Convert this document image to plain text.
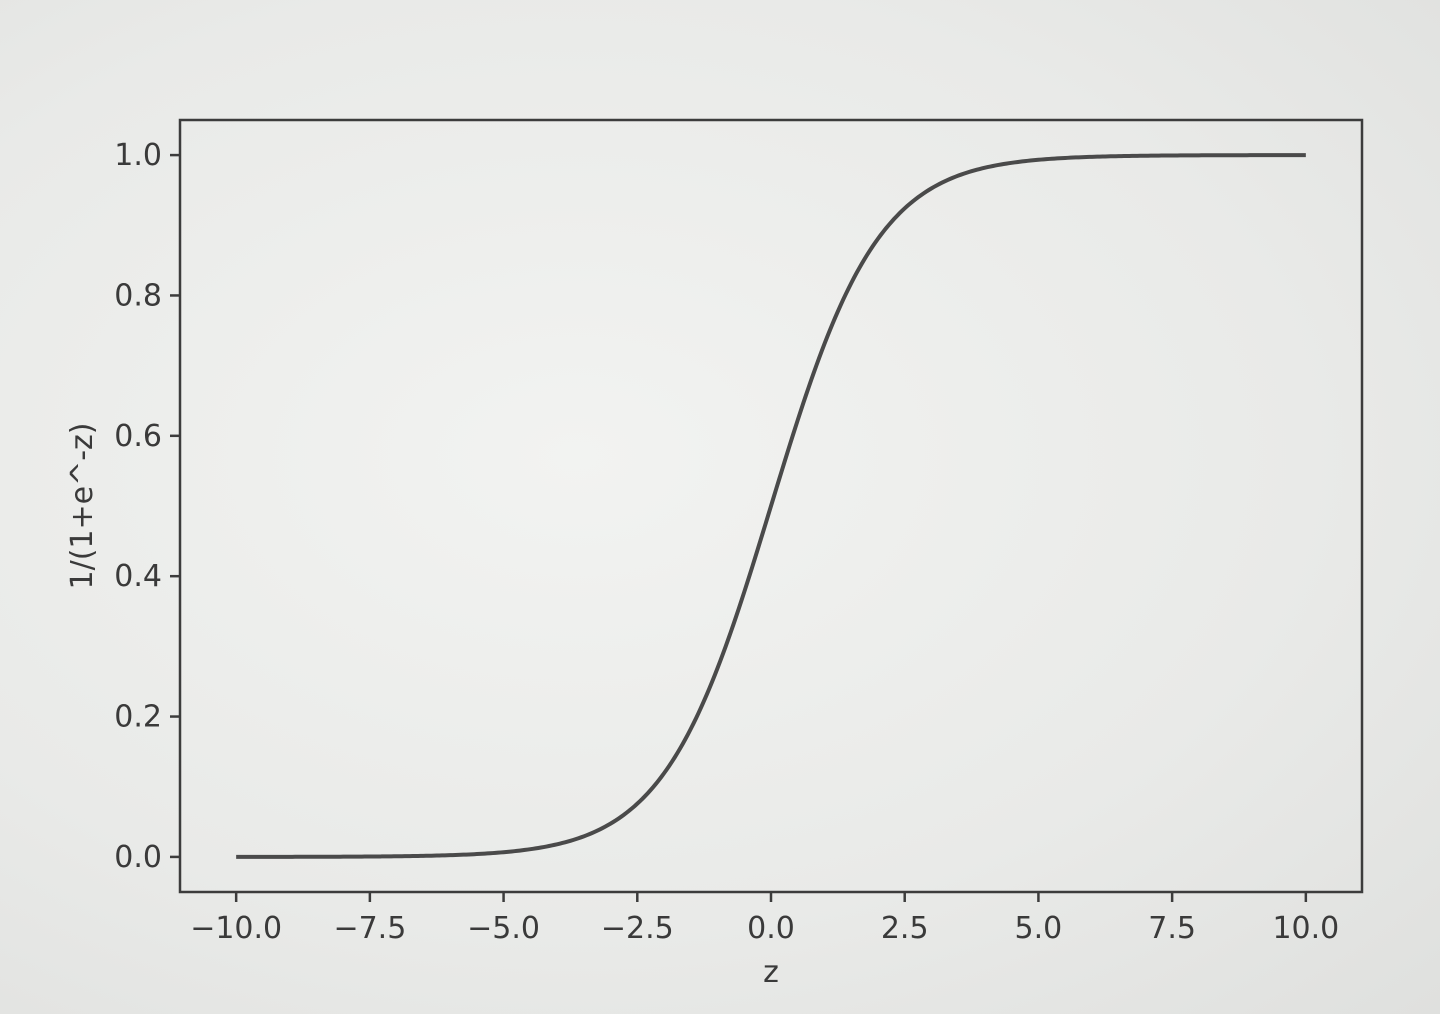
0.0
0.2
0.4
0.6
0.8
1.0
−10.0 −7.5 −5.0 −2.5 0.0	2.5	5.0	7.5	10.0
z
1/(1+e^-z)
